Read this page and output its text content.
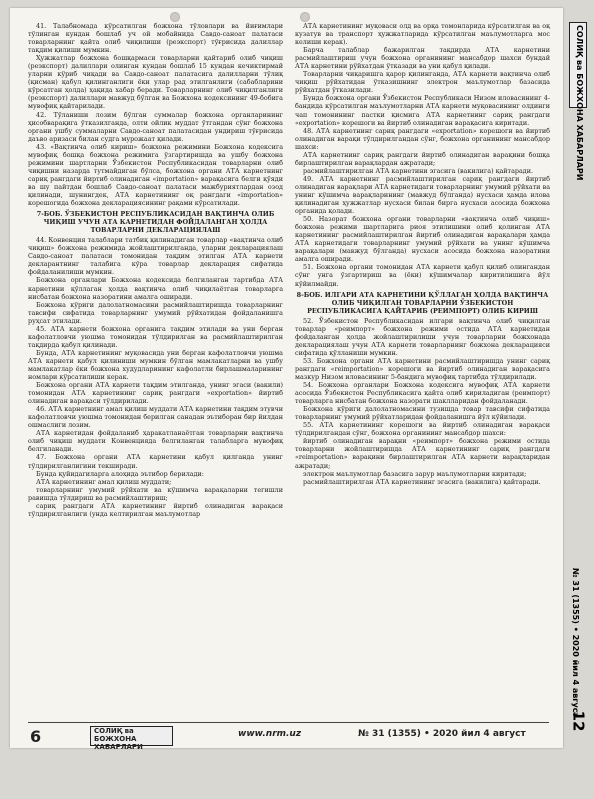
41. Талабномада кўрсатилган божхона тўловлари ва йиғимлари тўлинган кундан бошлаб уч ой мобайнида Савдо-саноат палатаси товарларнинг қайта олиб чиқилиши (реэкспорт) тўғрисида далиллар тақдим қилиши мумкин.

Ҳужжатлар божхона бошқармаси товарларни қайтариб олиб чиқиш (реэкспорт) далиллари олинган кундан бошлаб 15 кундан кечиктирмай уларни кўриб чиқади ва Савдо-саноат палатасига далилларни тўлиқ (қисман) қабул қилинганлиги ёки улар рад этилганлиги (сабабларини кўрсатган ҳолда) ҳақида хабар беради. Товарларнинг олиб чиқилганлиги (реэкспорт) далиллари мавжуд бўлган ва Божхона кодексининг 49-бобига мувофиқ қайтарилади.

42. Тўланиши лозим бўлган суммалар божхона органларининг ҳисобварақига ўтказилганда, олти ойлик муддат ўтгандан сўнг божхона органи ушбу суммаларни Савдо-саноат палатасидан ундириш тўғрисида даъво аризаси билан судга мурожаат қилади.

43. «Вақтинча олиб кириш» божхона режимини Божхона кодексига мувофиқ бошқа божхона режимига ўзгартиришда ва ушбу божхона режимини шартларни Ўзбекистон Республикасидан товарларни олиб чиқишни назарда тутмайдиган бўлса, божхона органи АТА карнетнинг сариқ рангдаги йиртиб олинадиган «importation» варақасига белги қўяди ва шу пайтдан бошлаб Савдо-саноат палатаси мажбуриятлардан озод қилинади, шунингдек, АТА карнетининг оқ рангдаги «importation» корешогида божхона декларациясининг рақами кўрсатилади.

7-БОБ. ЎЗБЕКИСТОН РЕСПУБЛИКАСИДАН ВАҚТИНЧА ОЛИБ ЧИҚИШ УЧУН АТА КАРНЕТИДАН ФОЙДАЛАНГАН ҲОЛДА ТОВАРЛАРНИ ДЕКЛАРАЦИЯЛАШ

44. Конвенция талаблари татбиқ қилинадиган товарлар «вақтинча олиб чиқиш» божхона режимида жойлаштирилганда, уларни декларациялаш Савдо-саноат палатаси томонидан тақдим этилган АТА карнети декларантнинг талабига кўра товарлар декларация сифатида фойдаланилиши мумкин.

Божхона органлари Божхона кодексида белгиланган тартибда АТА карнетини қўллаган ҳолда вақтинча олиб чиқилаётган товарларга нисбатан божхона назоратини амалга оширади.

Божхона кўриги далолатномасини расмийлаштиришда товарларнинг тавсифи сифатида товарларнинг умумий рўйхатидан фойдаланишга руҳсат этилади.

45. АТА карнети божхона органига тақдим этилади ва уни берган кафолатловчи уюшма томонидан тўлдирилган ва расмийлаштирилган тақдирда қабул қилинади.

Бунда, АТА карнетининг муқовасида уни берган кафолатловчи уюшма АТА карнети қабул қилиниши мумкин бўлган мамлакатларни ва ушбу мамлакатлар ёки божхона худудларининг кафолатли бирлашмаларининг номлари кўрсатилиши керак.

Божхона органи АТА карнети тақдим этилганда, унинг эгаси (вакили) томонидан АТА карнетининг сариқ рангдаги «exportation» йиртиб олинадиган варақаси тўлдирилади.

46. АТА карнетнинг амал қилиш муддати АТА карнетини тақдим этувчи кафолатловчи уюшма томонидан берилган санадан эътиборан бир йилдан ошмаслиги лозим.

АТА карнетидан фойдаланиб ҳаракатланаётган товарларни вақтинча олиб чиқиш муддати Конвенцияда белгиланган талабларга мувофиқ белгиланади.

47. Божхона органи АТА карнетини қабул қилганда унинг тўлдирилганлигини текширади.

Бунда қуйидагиларга алоҳида эътибор берилади:

АТА карнетининг амал қилиш муддати;

товарларнинг умумий рўйхати ва кўшимча варақаларни тегишли равишда тўлдириш ва расмийлаштириш;

сариқ рангдаги АТА карнетининг йиртиб олинадиган варақаси тўлдирилганлиги (унда келтирилган маълумотлар

АТА карнетининг муқоваси олд ва орқа томонларида кўрсатилган ва оқ кузатув ва транспорт ҳужжатларида кўрсатилган маълумотларга мос келиши керак).

Барча талаблар бажарилган тақдирда АТА карнетини расмийлаштириш учун божхона органининг мансабдор шахси бундай АТА карнетини рўйхатдан ўтказади ва уни қабул қилади.

Товарларни чиқаришга қарор қилинганда, АТА карнети вақтинча олиб чиқиш рўйхатидан ўтказишнинг электрон маълумотлар базасида рўйхатдан ўтказилади.

Бунда божхона органи Ўзбекистон Республикаси Низом иловасининг 4-бандида кўрсатилган маълумотларни АТА карнети муқовасининг олдинги чап томонининг пастки қисмига АТА карнетнинг сариқ рангдаги «exportation» корешоги ва йиртиб олинадиган варақасига киритади.

48. АТА карнетнинг сариқ рангдаги «exportation» корешоги ва йиртиб олинадиган варақи тўлдирилгандан сўнг, божхона органининг мансабдор шахси:

АТА карнетнинг сариқ рангдаги йиртиб олинадиган варақини бошқа бирлаштирилган варақлардан ажратади;

расмийлаштирилган АТА карнетини эгасига (вакилига) қайтаради.

49. АТА карнетнинг расмийлаштирилган сариқ рангдаги йиртиб олинадиган варақлари АТА карнетидаги товарларнинг умумий рўйхати ва унинг кўшимча варақларининг (мавжуд бўлганда) нусхаси ҳамда илова қилинадиган ҳужжатлар нусхаси билан бирга нусхаси асосида божхона органида қолади.

50. Назорат божхона органи товарларни «вақтинча олиб чиқиш» божхона режими шартларига риоя этилишини олиб қолинган АТА карнетининг расмийлаштирилган йиртиб олинадиган варақалари ҳамда АТА карнетидаги товарларнинг умумий рўйхати ва унинг кўшимча варақалари (мавжуд бўлганда) нусхаси асосида божхона назоратини амалга оширади.

51. Божхона органи томонидан АТА карнети қабул қилиб олингандан сўнг унга ўзгартириш ва (ёки) кўшимчалар киритилишига йўл кўйилмайди.

8-БОБ. ИЛГАРИ АТА КАРНЕТИНИ ҚЎЛЛАГАН ҲОЛДА ВАҚТИНЧА ОЛИБ ЧИҚИЛГАН ТОВАРЛАРНИ ЎЗБЕКИСТОН РЕСПУБЛИКАСИГА ҚАЙТАРИБ (РЕИМПОРТ) ОЛИБ КИРИШ

52. Ўзбекистон Республикасидан илгари вақтинча олиб чиқилган товарлар «реимпорт» божхона режими остида АТА карнетидан фойдаланган ҳолда жойлаштирилиши учун товарларни божхонада декларациялаш учун АТА карнети товарларнинг божхона декларацияси сифатида қўлланиши мумкин.

53. Божхона органи АТА карнетини расмийлаштиришда унинг сариқ рангдаги «reimportation» корешоги ва йиртиб олинадиган варақасига мазкур Низом иловасининг 5-бандига мувофиқ тартибда тўлдирилади.

54. Божхона органлари Божхона кодексига мувофиқ АТА карнети асосида Ўзбекистон Республикасига қайта олиб кириладиган (реимпорт) товарларга нисбатан божхона назорати шаклларидан фойдаланади.

Божхона кўриги далолатномасини тузишда товар тавсифи сифатида товарларнинг умумий рўйхатларидан фойдаланишга йўл кўйилади.

55. АТА карнетининг корешоги ва йиртиб олинадиган варақаси тўлдирилгандан сўнг, божхона органининг мансабдор шахси:

йиртиб олинадиган варақни «реимпорт» божхона режими остида товарларни жойлаштиришда АТА карнетининг сариқ рангдаги «reimportation» варақини бирлаштирилган АТА карнети варақларидан ажратади;

электрон маълумотлар базасига зарур маълумотларни киритади;

расмийлаштирилган АТА карнетининг эгасига (вакилига) қайтаради.

6	СОЛИҚ ва БОЖХОНА ХАБАРЛАРИ
www.nrm.uz	№ 31 (1355) • 2020 йил 4 август
СОЛИҚ ва БОЖХОНА ХАБАРЛАРИ
№ 31 (1355) • 2020 йил 4 август
12
